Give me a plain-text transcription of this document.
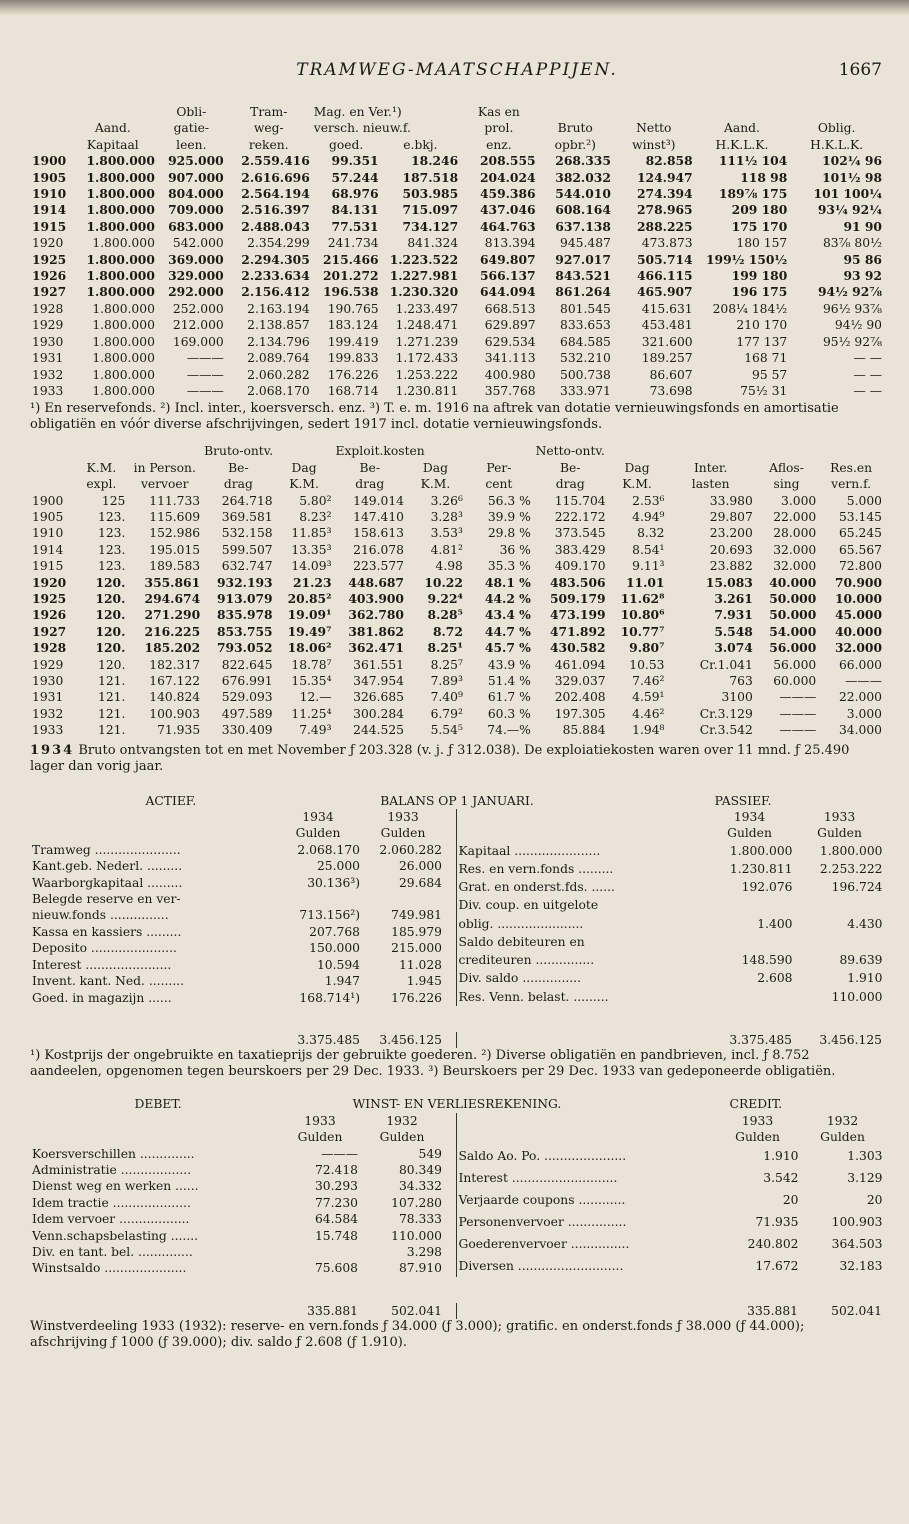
TRAMWEG-MAATSCHAPPIJEN.	1667
		Obli-	Tram-	Mag. en Ver.¹)		Kas en				
	Aand.	gatie-	weg-	versch. nieuw.f.		prol.	Bruto	Netto	Aand.	Oblig.
	Kapitaal	leen.	reken.	goed.	e.bkj.	enz.	opbr.²)	winst³)	H.K.L.K.	H.K.L.K.
1900	1.800.000	925.000	2.559.416	99.351	18.246	208.555	268.335	82.858	111½ 104	102¼ 96
1905	1.800.000	907.000	2.616.696	57.244	187.518	204.024	382.032	124.947	118 98	101½ 98
1910	1.800.000	804.000	2.564.194	68.976	503.985	459.386	544.010	274.394	189⅞ 175	101 100¼
1914	1.800.000	709.000	2.516.397	84.131	715.097	437.046	608.164	278.965	209 180	93¼ 92¼
1915	1.800.000	683.000	2.488.043	77.531	734.127	464.763	637.138	288.225	175 170	91 90
1920	1.800.000	542.000	2.354.299	241.734	841.324	813.394	945.487	473.873	180 157	83⅞ 80½
1925	1.800.000	369.000	2.294.305	215.466	1.223.522	649.807	927.017	505.714	199½ 150½	95 86
1926	1.800.000	329.000	2.233.634	201.272	1.227.981	566.137	843.521	466.115	199 180	93 92
1927	1.800.000	292.000	2.156.412	196.538	1.230.320	644.094	861.264	465.907	196 175	94½ 92⅞
1928	1.800.000	252.000	2.163.194	190.765	1.233.497	668.513	801.545	415.631	208¼ 184½	96½ 93⅞
1929	1.800.000	212.000	2.138.857	183.124	1.248.471	629.897	833.653	453.481	210 170	94½ 90
1930	1.800.000	169.000	2.134.796	199.419	1.271.239	629.534	684.585	321.600	177 137	95½ 92⅞
1931	1.800.000	———	2.089.764	199.833	1.172.433	341.113	532.210	189.257	168 71	— —
1932	1.800.000	———	2.060.282	176.226	1.253.222	400.980	500.738	86.607	95 57	— —
1933	1.800.000	———	2.068.170	168.714	1.230.811	357.768	333.971	73.698	75½ 31	— —

¹) En reservefonds. ²) Incl. inter., koersversch. enz. ³) T. e. m. 1916 na aftrek van dotatie vernieuwingsfonds en amortisatie obligatiën en vóór diverse afschrijvingen, sedert 1917 incl. dotatie vernieuwingsfonds.

			Bruto-ontv.		Exploit.kosten			Netto-ontv.				
	K.M.	in Person.	Be-	Dag	Be-	Dag	Per-	Be-	Dag	Inter.	Aflos-	Res.en
	expl.	vervoer	drag	K.M.	drag	K.M.	cent	drag	K.M.	lasten	sing	vern.f.
1900	125	111.733	264.718	5.80²	149.014	3.26⁶	56.3 %	115.704	2.53⁶	33.980	3.000	5.000
1905	123.	115.609	369.581	8.23²	147.410	3.28³	39.9 %	222.172	4.94⁹	29.807	22.000	53.145
1910	123.	152.986	532.158	11.85³	158.613	3.53³	29.8 %	373.545	8.32	23.200	28.000	65.245
1914	123.	195.015	599.507	13.35³	216.078	4.81²	36 %	383.429	8.54¹	20.693	32.000	65.567
1915	123.	189.583	632.747	14.09³	223.577	4.98	35.3 %	409.170	9.11³	23.882	32.000	72.800
1920	120.	355.861	932.193	21.23	448.687	10.22	48.1 %	483.506	11.01	15.083	40.000	70.900
1925	120.	294.674	913.079	20.85²	403.900	9.22⁴	44.2 %	509.179	11.62⁸	3.261	50.000	10.000
1926	120.	271.290	835.978	19.09¹	362.780	8.28⁵	43.4 %	473.199	10.80⁶	7.931	50.000	45.000
1927	120.	216.225	853.755	19.49⁷	381.862	8.72	44.7 %	471.892	10.77⁷	5.548	54.000	40.000
1928	120.	185.202	793.052	18.06²	362.471	8.25¹	45.7 %	430.582	9.80⁷	3.074	56.000	32.000
1929	120.	182.317	822.645	18.78⁷	361.551	8.25⁷	43.9 %	461.094	10.53	Cr.1.041	56.000	66.000
1930	121.	167.122	676.991	15.35⁴	347.954	7.89³	51.4 %	329.037	7.46²	763	60.000	———
1931	121.	140.824	529.093	12.—	326.685	7.40⁹	61.7 %	202.408	4.59¹	3100	———	22.000
1932	121.	100.903	497.589	11.25⁴	300.284	6.79²	60.3 %	197.305	4.46²	Cr.3.129	———	3.000
1933	121.	71.935	330.409	7.49³	244.525	5.54⁵	74.—%	85.884	1.94⁸	Cr.3.542	———	34.000

1934 Bruto ontvangsten tot en met November ƒ 203.328 (v. j. ƒ 312.038). De exploiatiekosten waren over 11 mnd. ƒ 25.490 lager dan vorig jaar.

ACTIEF.	BALANS OP 1 JANUARI.	PASSIEF.
	1934	1933	
	Gulden	Gulden	
Tramweg ......................	2.068.170	2.060.282	
Kant.geb. Nederl. .........	25.000	26.000	
Waarborgkapitaal .........	30.136³)	29.684	
Belegde reserve en ver-			
nieuw.fonds ...............	713.156²)	749.981	
Kassa en kassiers .........	207.768	185.979	
Deposito ......................	150.000	215.000	
Interest ......................	10.594	11.028	
Invent. kant. Ned. .........	1.947	1.945	
Goed. in magazijn ......	168.714¹)	176.226	
	1934	1933
	Gulden	Gulden
Kapitaal ......................	1.800.000	1.800.000
Res. en vern.fonds .........	1.230.811	2.253.222
Grat. en onderst.fds. ......	192.076	196.724
Div. coup. en uitgelote		
oblig. ......................	1.400	4.430
Saldo debiteuren en		
crediteuren ...............	148.590	89.639
Div. saldo ...............	2.608	1.910
Res. Venn. belast. .........		110.000
	3.375.485	3.456.125			3.375.485	3.456.125

¹) Kostprijs der ongebruikte en taxatieprijs der gebruikte goederen. ²) Diverse obligatiën en pandbrieven, incl. ƒ 8.752 aandeelen, opgenomen tegen beurskoers per 29 Dec. 1933. ³) Beurskoers per 29 Dec. 1933 van gedeponeerde obligatiën.

DEBET.	WINST- EN VERLIESREKENING.	CREDIT.
	1933	1932	
	Gulden	Gulden	
Koersverschillen ..............	———	549	
Administratie ..................	72.418	80.349	
Dienst weg en werken ......	30.293	34.332	
Idem tractie ....................	77.230	107.280	
Idem vervoer ..................	64.584	78.333	
Venn.schapsbelasting .......	15.748	110.000	
Div. en tant. bel. ..............		3.298	
Winstsaldo .....................	75.608	87.910	
	1933	1932
	Gulden	Gulden
Saldo Ao. Po. .....................	1.910	1.303
Interest ...........................	3.542	3.129
Verjaarde coupons ............	20	20
Personenvervoer ...............	71.935	100.903
Goederenvervoer ...............	240.802	364.503
Diversen ...........................	17.672	32.183
	335.881	502.041			335.881	502.041

Winstverdeeling 1933 (1932): reserve- en vern.fonds ƒ 34.000 (ƒ 3.000); gratific. en onderst.fonds ƒ 38.000 (ƒ 44.000); afschrijving ƒ 1000 (ƒ 39.000); div. saldo ƒ 2.608 (ƒ 1.910).
